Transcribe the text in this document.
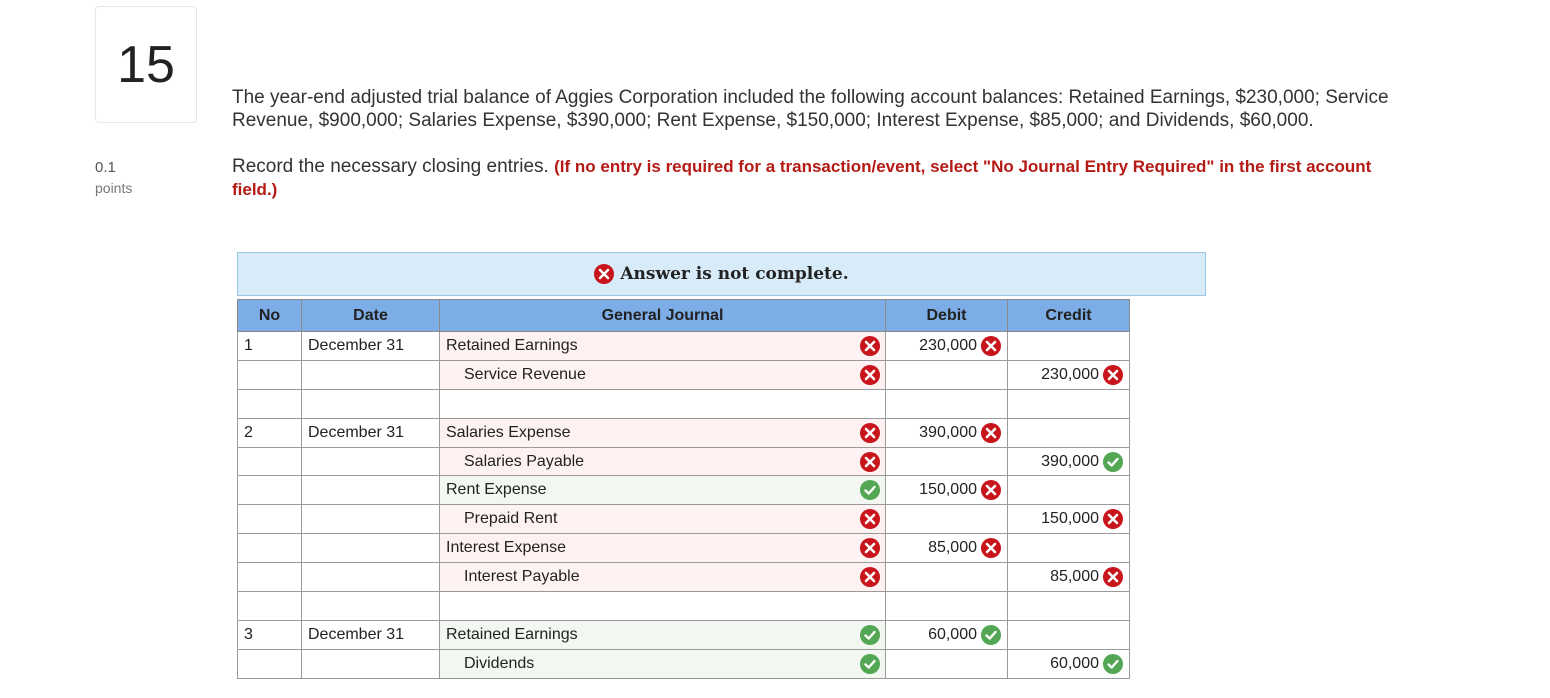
15
0.1
points

The year-end adjusted trial balance of Aggies Corporation included the following account balances: Retained Earnings, $230,000; Service Revenue, $900,000; Salaries Expense, $390,000; Rent Expense, $150,000; Interest Expense, $85,000; and Dividends, $60,000.

Record the necessary closing entries. (If no entry is required for a transaction/event, select "No Journal Entry Required" in the first account field.)

Answer is not complete.
No	Date	General Journal	Debit	Credit
1	December 31	Retained Earnings	230,000	

		Service Revenue		230,000

2	December 31	Salaries Expense	390,000	

		Salaries Payable		390,000

		Rent Expense	150,000	

		Prepaid Rent		150,000

		Interest Expense	85,000	

		Interest Payable		85,000

3	December 31	Retained Earnings	60,000	

		Dividends		60,000
